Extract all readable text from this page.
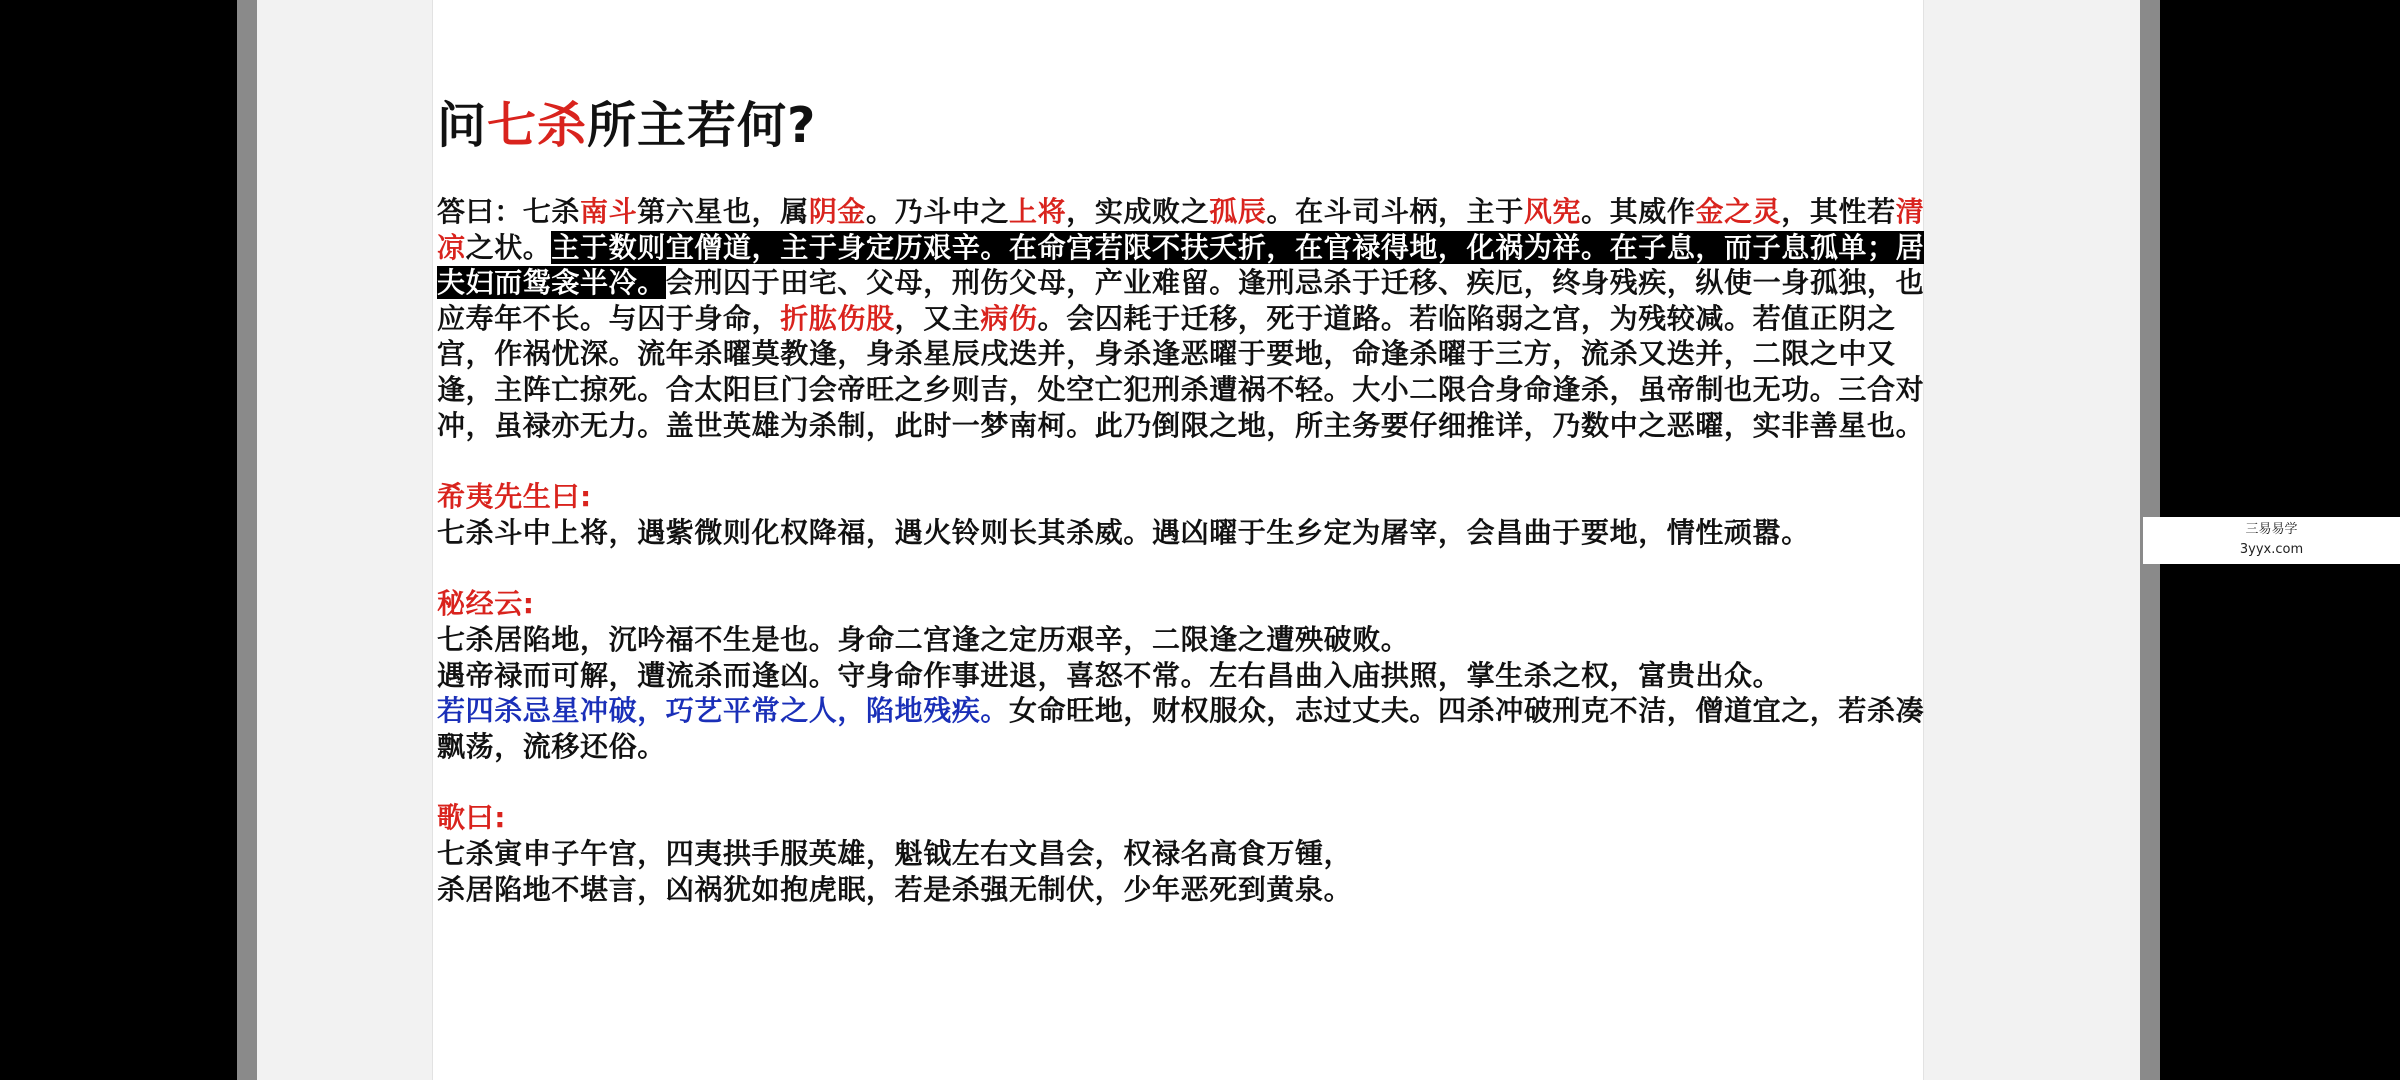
问七杀所主若何?

答曰：七杀南斗第六星也，属阴金。乃斗中之上将，实成败之孤辰。在斗司斗柄，主于风宪。其威作金之灵，其性若清凉之状。主于数则宜僧道，主于身定历艰辛。在命宫若限不扶夭折，在官禄得地，化祸为祥。在子息，而子息孤单；居夫妇而鸳衾半冷。会刑囚于田宅、父母，刑伤父母，产业难留。逢刑忌杀于迁移、疾厄，终身残疾，纵使一身孤独，也应寿年不长。与囚于身命，折肱伤股，又主病伤。会囚耗于迁移，死于道路。若临陷弱之宫，为残较减。若值正阴之宫，作祸忧深。流年杀曜莫教逢，身杀星辰戌迭并，身杀逢恶曜于要地，命逢杀曜于三方，流杀又迭并，二限之中又逢，主阵亡掠死。合太阳巨门会帝旺之乡则吉，处空亡犯刑杀遭祸不轻。大小二限合身命逢杀，虽帝制也无功。三合对冲，虽禄亦无力。盖世英雄为杀制，此时一梦南柯。此乃倒限之地，所主务要仔细推详，乃数中之恶曜，实非善星也。

希夷先生曰:

七杀斗中上将，遇紫微则化权降福，遇火铃则长其杀威。遇凶曜于生乡定为屠宰，会昌曲于要地，情性顽嚣。

秘经云:

七杀居陷地，沉吟福不生是也。身命二宫逢之定历艰辛，二限逢之遭殃破败。

遇帝禄而可解，遭流杀而逢凶。守身命作事进退，喜怒不常。左右昌曲入庙拱照，掌生杀之权，富贵出众。

若四杀忌星冲破，巧艺平常之人，陷地残疾。女命旺地，财权服众，志过丈夫。四杀冲破刑克不洁，僧道宜之，若杀凑飘荡，流移还俗。

歌曰:

七杀寅申子午宫，四夷拱手服英雄，魁钺左右文昌会，权禄名高食万锺，

杀居陷地不堪言，凶祸犹如抱虎眠，若是杀强无制伏，少年恶死到黄泉。

三易易学
3yyx.com
